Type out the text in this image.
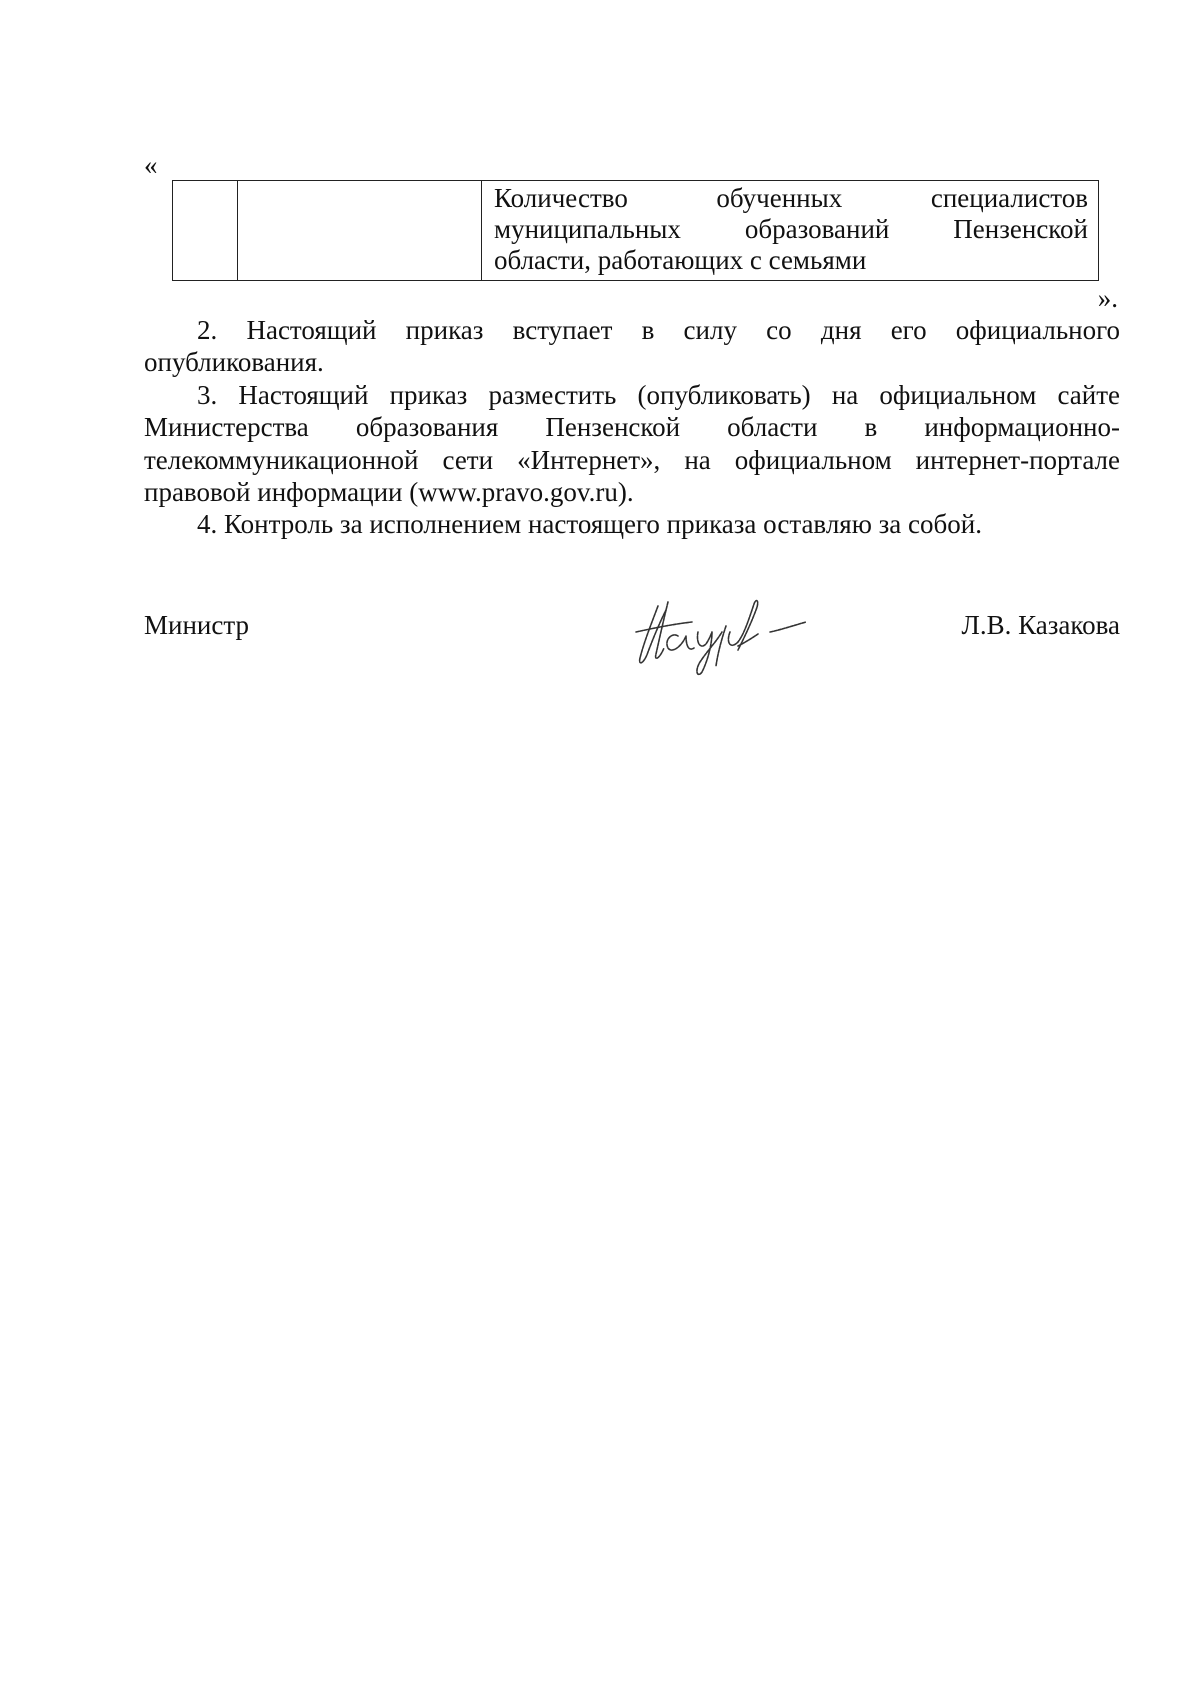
«

Количество обученных специалистов
муниципальных образований Пензенской
области, работающих с семьями
».

2. Настоящий приказ вступает в силу со дня его официального
опубликования.

3. Настоящий приказ разместить (опубликовать) на официальном сайте
Министерства образования Пензенской области в информационно-
телекоммуникационной сети «Интернет», на официальном интернет-портале
правовой информации (www.pravo.gov.ru).

4. Контроль за исполнением настоящего приказа оставляю за собой.

Министр	Л.В. Казакова
